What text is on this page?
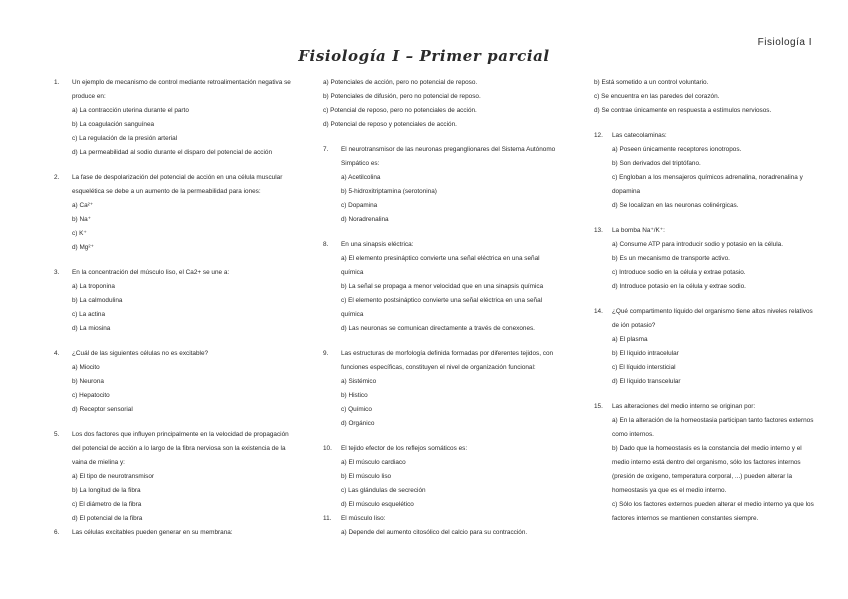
Fisiología I
Fisiología I – Primer parcial
1. Un ejemplo de mecanismo de control mediante retroalimentación negativa se produce en:
a) La contracción uterina durante el parto
b) La coagulación sanguínea
c) La regulación de la presión arterial
d) La permeabilidad al sodio durante el disparo del potencial de acción
2. La fase de despolarización del potencial de acción en una célula muscular esquelética se debe a un aumento de la permeabilidad para iones:
a) Ca²⁺
b) Na⁺
c) K⁺
d) Mg²⁺
3. En la concentración del músculo liso, el Ca2+ se une a:
a) La troponina
b) La calmodulina
c) La actina
d) La miosina
4. ¿Cuál de las siguientes células no es excitable?
a) Miocito
b) Neurona
c) Hepatocito
d) Receptor sensorial
5. Los dos factores que influyen principalmente en la velocidad de propagación del potencial de acción a lo largo de la fibra nerviosa son la existencia de la vaina de mielina y:
a) El tipo de neurotransmisor
b) La longitud de la fibra
c) El diámetro de la fibra
d) El potencial de la fibra
6. Las células excitables pueden generar en su membrana:
a) Potenciales de acción, pero no potencial de reposo.
b) Potenciales de difusión, pero no potencial de reposo.
c) Potencial de reposo, pero no potenciales de acción.
d) Potencial de reposo y potenciales de acción.
7. El neurotransmisor de las neuronas preganglionares del Sistema Autónomo Simpático es:
a) Acetilcolina
b) 5-hidroxitriptamina (serotonina)
c) Dopamina
d) Noradrenalina
8. En una sinapsis eléctrica:
a) El elemento presináptico convierte una señal eléctrica en una señal química
b) La señal se propaga a menor velocidad que en una sinapsis química
c) El elemento postsináptico convierte una señal eléctrica en una señal química
d) Las neuronas se comunican directamente a través de conexones.
9. Las estructuras de morfología definida formadas por diferentes tejidos, con funciones específicas, constituyen el nivel de organización funcional:
a) Sistémico
b) Histico
c) Químico
d) Orgánico
10. El tejido efector de los reflejos somáticos es:
a) El músculo cardiaco
b) El músculo liso
c) Las glándulas de secreción
d) El músculo esquelético
11. El músculo liso:
a) Depende del aumento citosólico del calcio para su contracción.
b) Está sometido a un control voluntario.
c) Se encuentra en las paredes del corazón.
d) Se contrae únicamente en respuesta a estímulos nerviosos.
12. Las catecolaminas:
a) Poseen únicamente receptores ionotropos.
b) Son derivados del triptófano.
c) Engloban a los mensajeros químicos adrenalina, noradrenalina y dopamina
d) Se localizan en las neuronas colinérgicas.
13. La bomba Na⁺/K⁺:
a) Consume ATP para introducir sodio y potasio en la célula.
b) Es un mecanismo de transporte activo.
c) Introduce sodio en la célula y extrae potasio.
d) Introduce potasio en la célula y extrae sodio.
14. ¿Qué compartimento líquido del organismo tiene altos niveles relativos de ión potasio?
a) El plasma
b) El líquido intracelular
c) El líquido intersticial
d) El líquido transcelular
15. Las alteraciones del medio interno se originan por:
a) En la alteración de la homeostasia participan tanto factores externos como internos.
b) Dado que la homeostasis es la constancia del medio interno y el medio interno está dentro del organismo, sólo los factores internos (presión de oxígeno, temperatura corporal, ...) pueden alterar la homeostasis ya que es el medio interno.
c) Sólo los factores externos pueden alterar el medio interno ya que los factores internos se mantienen constantes siempre.
